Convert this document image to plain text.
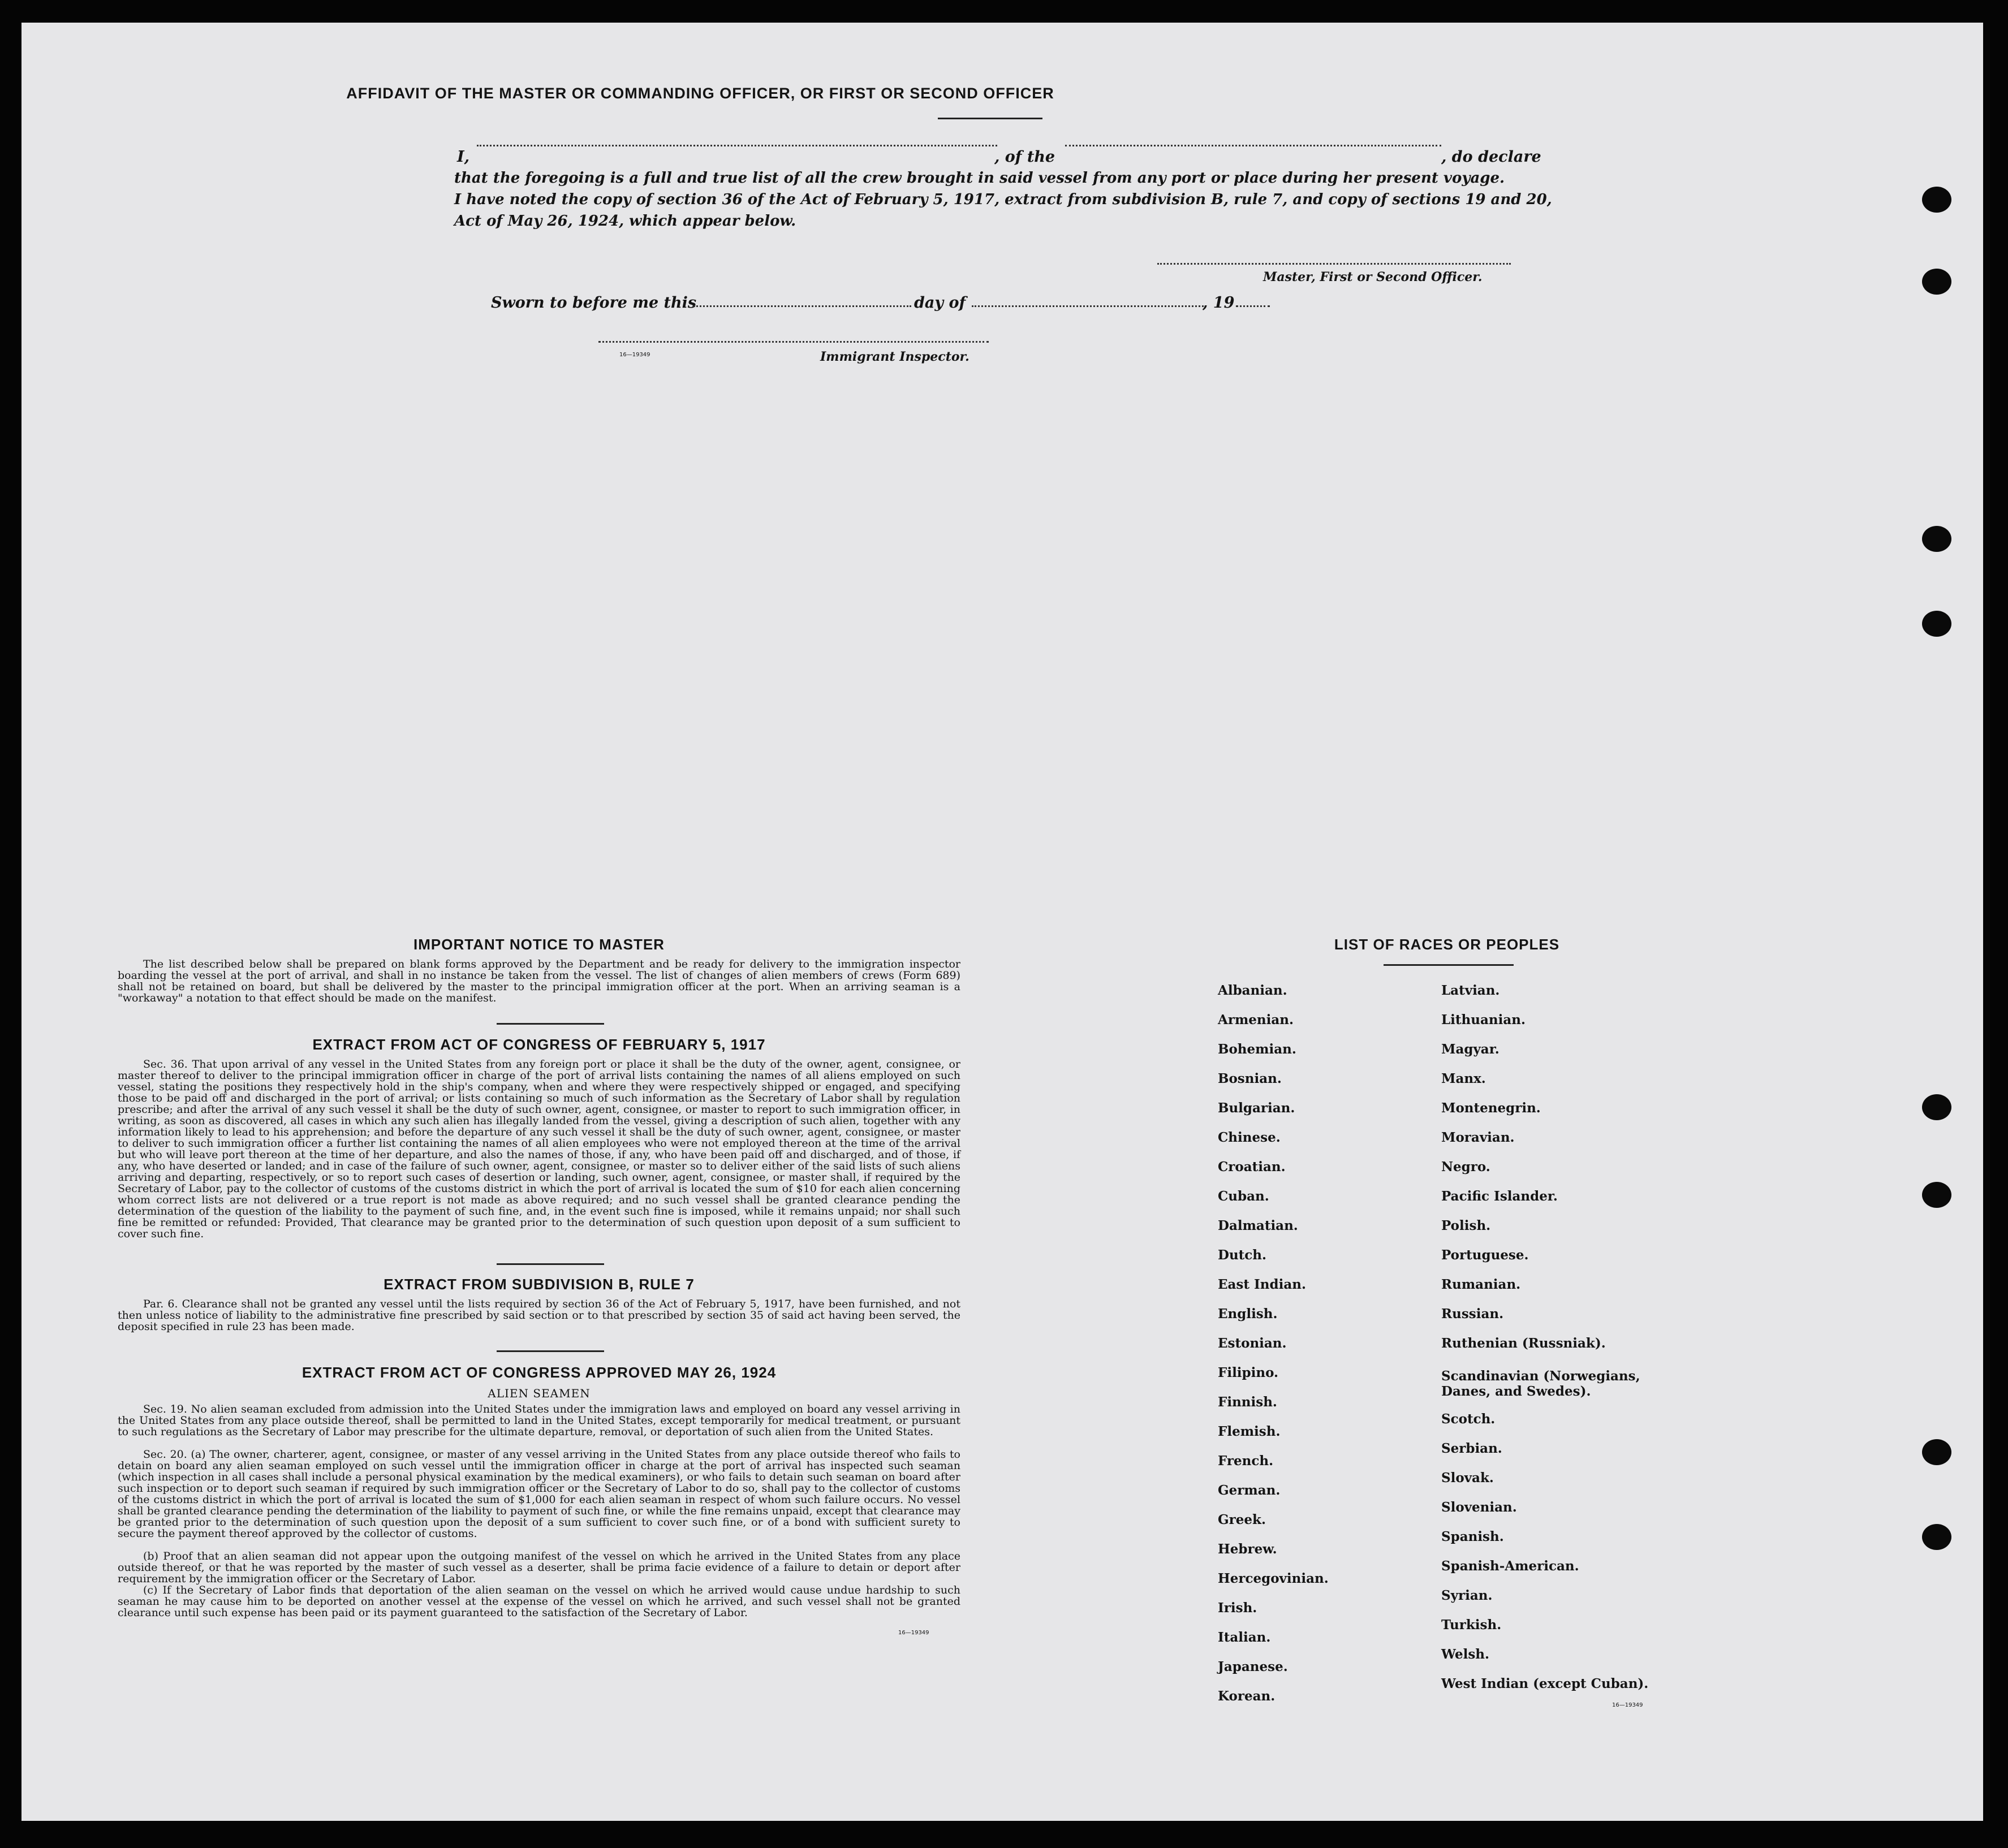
AFFIDAVIT OF THE MASTER OR COMMANDING OFFICER, OR FIRST OR SECOND OFFICER
I,	, of the	, do declare
that the foregoing is a full and true list of all the crew brought in said vessel from any port or place during her present voyage.
I have noted the copy of section 36 of the Act of February 5, 1917, extract from subdivision B, rule 7, and copy of sections 19 and 20,
Act of May 26, 1924, which appear below.
Master, First or Second Officer.
Sworn to before me this	day of	, 19
16—19349	Immigrant Inspector.
IMPORTANT NOTICE TO MASTER
The list described below shall be prepared on blank forms approved by the Department and be ready for delivery to the immigration inspector boarding the vessel at the port of arrival, and shall in no instance be taken from the vessel. The list of changes of alien members of crews (Form 689) shall not be retained on board, but shall be delivered by the master to the principal immigration officer at the port. When an arriving seaman is a "workaway" a notation to that effect should be made on the manifest.
EXTRACT FROM ACT OF CONGRESS OF FEBRUARY 5, 1917
Sec. 36. That upon arrival of any vessel in the United States from any foreign port or place it shall be the duty of the owner, agent, consignee, or master thereof to deliver to the principal immigration officer in charge of the port of arrival lists containing the names of all aliens employed on such vessel, stating the positions they respectively hold in the ship's company, when and where they were respectively shipped or engaged, and specifying those to be paid off and discharged in the port of arrival; or lists containing so much of such information as the Secretary of Labor shall by regulation prescribe; and after the arrival of any such vessel it shall be the duty of such owner, agent, consignee, or master to report to such immigration officer, in writing, as soon as discovered, all cases in which any such alien has illegally landed from the vessel, giving a description of such alien, together with any information likely to lead to his apprehension; and before the departure of any such vessel it shall be the duty of such owner, agent, consignee, or master to deliver to such immigration officer a further list containing the names of all alien employees who were not employed thereon at the time of the arrival but who will leave port thereon at the time of her departure, and also the names of those, if any, who have been paid off and discharged, and of those, if any, who have deserted or landed; and in case of the failure of such owner, agent, consignee, or master so to deliver either of the said lists of such aliens arriving and departing, respectively, or so to report such cases of desertion or landing, such owner, agent, consignee, or master shall, if required by the Secretary of Labor, pay to the collector of customs of the customs district in which the port of arrival is located the sum of $10 for each alien concerning whom correct lists are not delivered or a true report is not made as above required; and no such vessel shall be granted clearance pending the determination of the question of the liability to the payment of such fine, and, in the event such fine is imposed, while it remains unpaid; nor shall such fine be remitted or refunded: Provided, That clearance may be granted prior to the determination of such question upon deposit of a sum sufficient to cover such fine.
EXTRACT FROM SUBDIVISION B, RULE 7
Par. 6. Clearance shall not be granted any vessel until the lists required by section 36 of the Act of February 5, 1917, have been furnished, and not then unless notice of liability to the administrative fine prescribed by said section or to that prescribed by section 35 of said act having been served, the deposit specified in rule 23 has been made.
EXTRACT FROM ACT OF CONGRESS APPROVED MAY 26, 1924
ALIEN SEAMEN
Sec. 19. No alien seaman excluded from admission into the United States under the immigration laws and employed on board any vessel arriving in the United States from any place outside thereof, shall be permitted to land in the United States, except temporarily for medical treatment, or pursuant to such regulations as the Secretary of Labor may prescribe for the ultimate departure, removal, or deportation of such alien from the United States.
Sec. 20. (a) The owner, charterer, agent, consignee, or master of any vessel arriving in the United States from any place outside thereof who fails to detain on board any alien seaman employed on such vessel until the immigration officer in charge at the port of arrival has inspected such seaman (which inspection in all cases shall include a personal physical examination by the medical examiners), or who fails to detain such seaman on board after such inspection or to deport such seaman if required by such immigration officer or the Secretary of Labor to do so, shall pay to the collector of customs of the customs district in which the port of arrival is located the sum of $1,000 for each alien seaman in respect of whom such failure occurs. No vessel shall be granted clearance pending the determination of the liability to payment of such fine, or while the fine remains unpaid, except that clearance may be granted prior to the determination of such question upon the deposit of a sum sufficient to cover such fine, or of a bond with sufficient surety to secure the payment thereof approved by the collector of customs.
(b) Proof that an alien seaman did not appear upon the outgoing manifest of the vessel on which he arrived in the United States from any place outside thereof, or that he was reported by the master of such vessel as a deserter, shall be prima facie evidence of a failure to detain or deport after requirement by the immigration officer or the Secretary of Labor.
(c) If the Secretary of Labor finds that deportation of the alien seaman on the vessel on which he arrived would cause undue hardship to such seaman he may cause him to be deported on another vessel at the expense of the vessel on which he arrived, and such vessel shall not be granted clearance until such expense has been paid or its payment guaranteed to the satisfaction of the Secretary of Labor.
16—19349
LIST OF RACES OR PEOPLES
16—19349
Albanian.
Armenian.
Bohemian.
Bosnian.
Bulgarian.
Chinese.
Croatian.
Cuban.
Dalmatian.
Dutch.
East Indian.
English.
Estonian.
Filipino.
Finnish.
Flemish.
French.
German.
Greek.
Hebrew.
Hercegovinian.
Irish.
Italian.
Japanese.
Korean.
Latvian.
Lithuanian.
Magyar.
Manx.
Montenegrin.
Moravian.
Negro.
Pacific Islander.
Polish.
Portuguese.
Rumanian.
Russian.
Ruthenian (Russniak).
Scandinavian (Norwegians,
Danes, and Swedes).
Scotch.
Serbian.
Slovak.
Slovenian.
Spanish.
Spanish-American.
Syrian.
Turkish.
Welsh.
West Indian (except Cuban).
